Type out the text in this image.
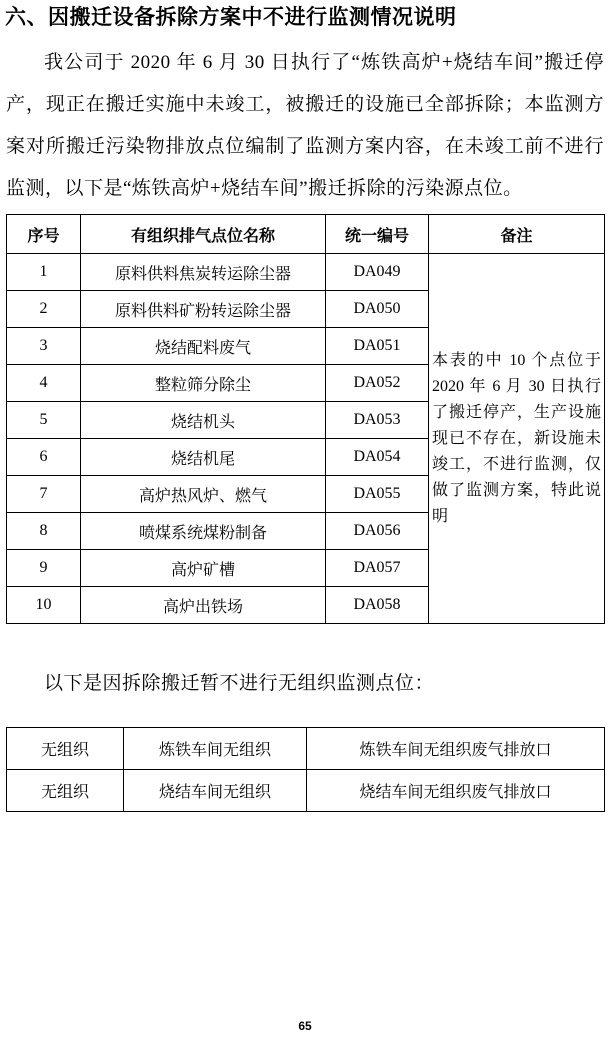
六、因搬迁设备拆除方案中不进行监测情况说明
我公司于 2020 年 6 月 30 日执行了“炼铁高炉+烧结车间”搬迁停产，现正在搬迁实施中未竣工，被搬迁的设施已全部拆除；本监测方案对所搬迁污染物排放点位编制了监测方案内容，在未竣工前不进行监测，以下是“炼铁高炉+烧结车间”搬迁拆除的污染源点位。
序号	有组织排气点位名称	统一编号	备注
1	原料供料焦炭转运除尘器	DA049	本表的中 10 个点位于 2020 年 6 月 30 日执行了搬迁停产，生产设施现已不存在，新设施未竣工，不进行监测，仅做了监测方案，特此说明
2	原料供料矿粉转运除尘器	DA050	
3	烧结配料废气	DA051	
4	整粒筛分除尘	DA052	
5	烧结机头	DA053	
6	烧结机尾	DA054	
7	高炉热风炉、燃气	DA055	
8	喷煤系统煤粉制备	DA056	
9	高炉矿槽	DA057	
10	高炉出铁场	DA058	
以下是因拆除搬迁暂不进行无组织监测点位：
无组织	炼铁车间无组织	炼铁车间无组织废气排放口
无组织	烧结车间无组织	烧结车间无组织废气排放口
65
